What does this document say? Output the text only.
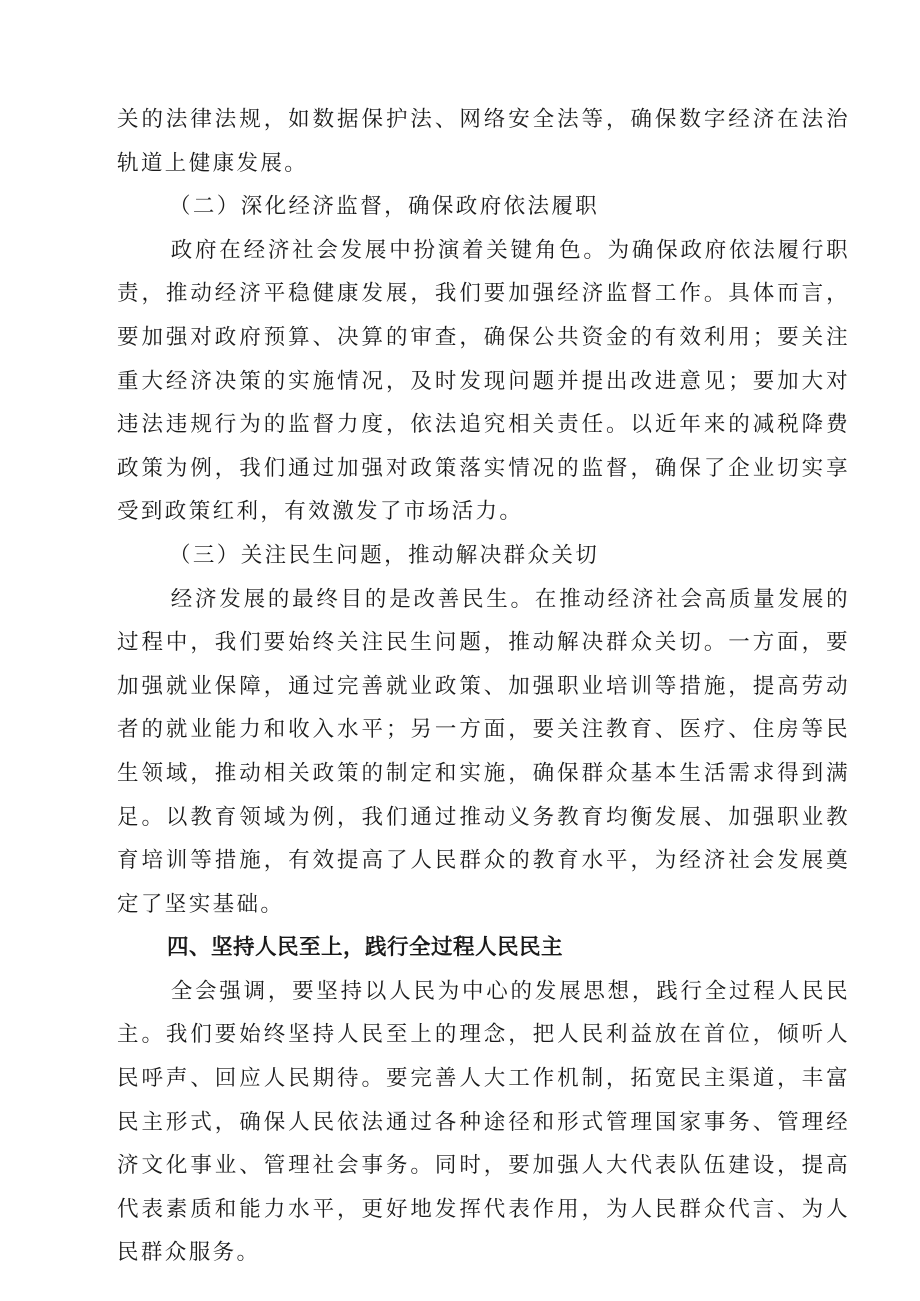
关的法律法规，如数据保护法、网络安全法等，确保数字经济在法治轨道上健康发展。

（二）深化经济监督，确保政府依法履职

政府在经济社会发展中扮演着关键角色。为确保政府依法履行职责，推动经济平稳健康发展，我们要加强经济监督工作。具体而言，要加强对政府预算、决算的审查，确保公共资金的有效利用；要关注重大经济决策的实施情况，及时发现问题并提出改进意见；要加大对违法违规行为的监督力度，依法追究相关责任。以近年来的减税降费政策为例，我们通过加强对政策落实情况的监督，确保了企业切实享受到政策红利，有效激发了市场活力。

（三）关注民生问题，推动解决群众关切

经济发展的最终目的是改善民生。在推动经济社会高质量发展的过程中，我们要始终关注民生问题，推动解决群众关切。一方面，要加强就业保障，通过完善就业政策、加强职业培训等措施，提高劳动者的就业能力和收入水平；另一方面，要关注教育、医疗、住房等民生领域，推动相关政策的制定和实施，确保群众基本生活需求得到满足。以教育领域为例，我们通过推动义务教育均衡发展、加强职业教育培训等措施，有效提高了人民群众的教育水平，为经济社会发展奠定了坚实基础。

四、坚持人民至上，践行全过程人民民主

全会强调，要坚持以人民为中心的发展思想，践行全过程人民民主。我们要始终坚持人民至上的理念，把人民利益放在首位，倾听人民呼声、回应人民期待。要完善人大工作机制，拓宽民主渠道，丰富民主形式，确保人民依法通过各种途径和形式管理国家事务、管理经济文化事业、管理社会事务。同时，要加强人大代表队伍建设，提高代表素质和能力水平，更好地发挥代表作用，为人民群众代言、为人民群众服务。
